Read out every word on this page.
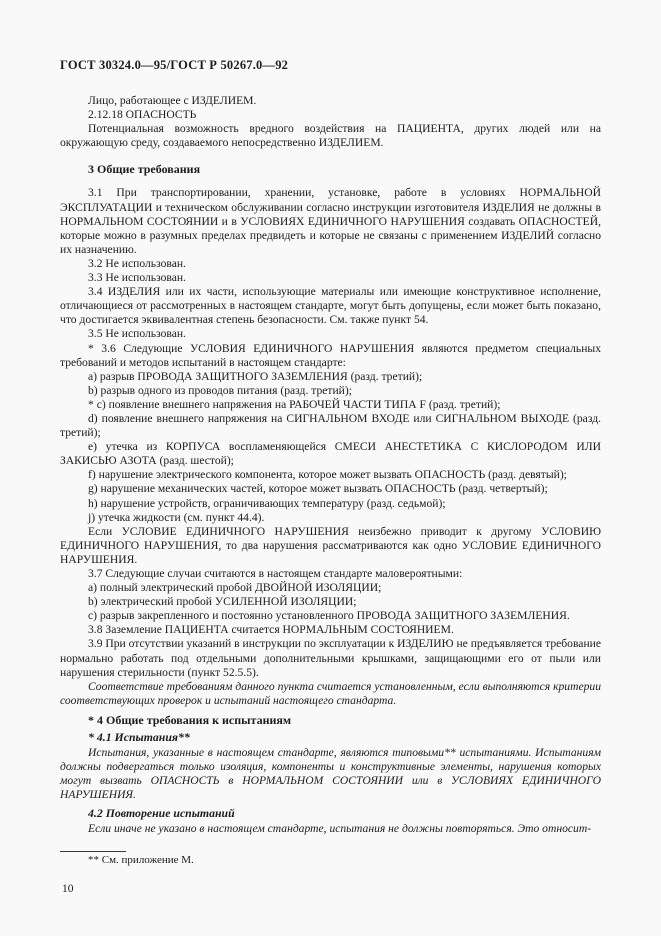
ГОСТ 30324.0—95/ГОСТ Р 50267.0—92

Лицо, работающее с ИЗДЕЛИЕМ.

2.12.18 ОПАСНОСТЬ

Потенциальная возможность вредного воздействия на ПАЦИЕНТА, других людей или на окружающую среду, создаваемого непосредственно ИЗДЕЛИЕМ.

3 Общие требования

3.1 При транспортировании, хранении, установке, работе в условиях НОРМАЛЬНОЙ ЭКСПЛУАТАЦИИ и техническом обслуживании согласно инструкции изготовителя ИЗДЕЛИЯ не должны в НОРМАЛЬНОМ СОСТОЯНИИ и в УСЛОВИЯХ ЕДИНИЧНОГО НАРУШЕНИЯ создавать ОПАСНОСТЕЙ, которые можно в разумных пределах предвидеть и которые не связаны с применением ИЗДЕЛИЙ согласно их назначению.

3.2 Не использован.

3.3 Не использован.

3.4 ИЗДЕЛИЯ или их части, использующие материалы или имеющие конструктивное исполнение, отличающиеся от рассмотренных в настоящем стандарте, могут быть допущены, если может быть показано, что достигается эквивалентная степень безопасности. См. также пункт 54.

3.5 Не использован.

* 3.6 Следующие УСЛОВИЯ ЕДИНИЧНОГО НАРУШЕНИЯ являются предметом специальных требований и методов испытаний в настоящем стандарте:

a) разрыв ПРОВОДА ЗАЩИТНОГО ЗАЗЕМЛЕНИЯ (разд. третий);

b) разрыв одного из проводов питания (разд. третий);

* c) появление внешнего напряжения на РАБОЧЕЙ ЧАСТИ ТИПА F (разд. третий);

d) появление внешнего напряжения на СИГНАЛЬНОМ ВХОДЕ или СИГНАЛЬНОМ ВЫХОДЕ (разд. третий);

e) утечка из КОРПУСА воспламеняющейся СМЕСИ АНЕСТЕТИКА С КИСЛОРОДОМ ИЛИ ЗАКИСЬЮ АЗОТА (разд. шестой);

f) нарушение электрического компонента, которое может вызвать ОПАСНОСТЬ (разд. девятый);

g) нарушение механических частей, которое может вызвать ОПАСНОСТЬ (разд. четвертый);

h) нарушение устройств, ограничивающих температуру (разд. седьмой);

j) утечка жидкости (см. пункт 44.4).

Если УСЛОВИЕ ЕДИНИЧНОГО НАРУШЕНИЯ неизбежно приводит к другому УСЛОВИЮ ЕДИНИЧНОГО НАРУШЕНИЯ, то два нарушения рассматриваются как одно УСЛОВИЕ ЕДИНИЧНОГО НАРУШЕНИЯ.

3.7 Следующие случаи считаются в настоящем стандарте маловероятными:

a) полный электрический пробой ДВОЙНОЙ ИЗОЛЯЦИИ;

b) электрический пробой УСИЛЕННОЙ ИЗОЛЯЦИИ;

c) разрыв закрепленного и постоянно установленного ПРОВОДА ЗАЩИТНОГО ЗАЗЕМЛЕНИЯ.

3.8 Заземление ПАЦИЕНТА считается НОРМАЛЬНЫМ СОСТОЯНИЕМ.

3.9 При отсутствии указаний в инструкции по эксплуатации к ИЗДЕЛИЮ не предъявляется требование нормально работать под отдельными дополнительными крышками, защищающими его от пыли или нарушения стерильности (пункт 52.5.5).

Соответствие требованиям данного пункта считается установленным, если выполняются критерии соответствующих проверок и испытаний настоящего стандарта.

* 4 Общие требования к испытаниям

* 4.1 Испытания**

Испытания, указанные в настоящем стандарте, являются типовыми** испытаниями. Испытаниям должны подвергаться только изоляция, компоненты и конструктивные элементы, нарушения которых могут вызвать ОПАСНОСТЬ в НОРМАЛЬНОМ СОСТОЯНИИ или в УСЛОВИЯХ ЕДИНИЧНОГО НАРУШЕНИЯ.

4.2 Повторение испытаний

Если иначе не указано в настоящем стандарте, испытания не должны повторяться. Это относит-

** См. приложение М.

10
